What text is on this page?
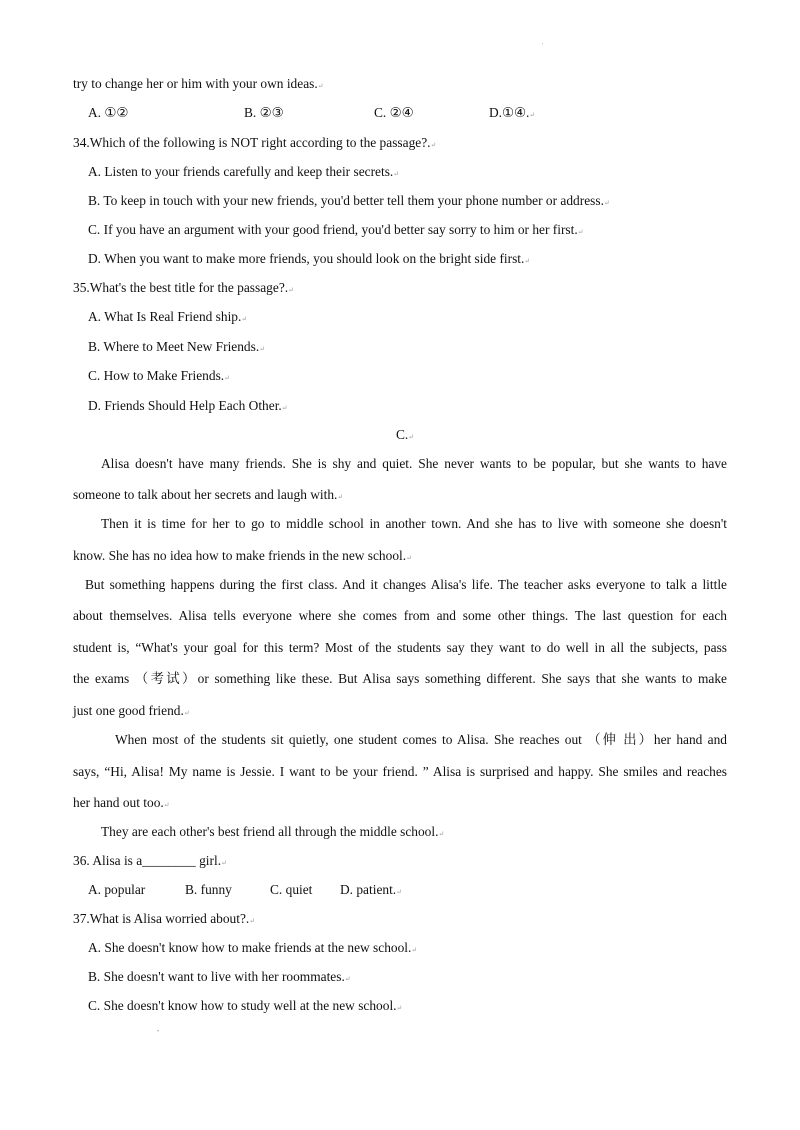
'
try to change her or him with your own ideas.↵
A. ①②	B. ②③	C. ②④	D.①④.↵
34.Which of the following is NOT right according to the passage?.↵
A. Listen to your friends carefully and keep their secrets.↵
B. To keep in touch with your new friends, you'd better tell them your phone number or address.↵
C. If you have an argument with your good friend, you'd better say sorry to him or her first.↵
D. When you want to make more friends, you should look on the bright side first.↵
35.What's the best title for the passage?.↵
A. What Is Real Friend ship.↵
B. Where to Meet New Friends.↵
C. How to Make Friends.↵
D. Friends Should Help Each Other.↵
C.↵
Alisa doesn't have many friends. She is shy and quiet. She never wants to be popular, but she wants to have
someone to talk about her secrets and laugh with.↵
Then it is time for her to go to middle school in another town. And she has to live with someone she doesn't
know. She has no idea how to make friends in the new school.↵
But something happens during the first class. And it changes Alisa's life. The teacher asks everyone to talk a little
about themselves. Alisa tells everyone where she comes from and some other things. The last question for each
student is, “What's your goal for this term? Most of the students say they want to do well in all the subjects, pass
the exams （考试）or something like these. But Alisa says something different. She says that she wants to make
just one good friend.↵
When most of the students sit quietly, one student comes to Alisa. She reaches out （伸 出）her hand and
says, “Hi, Alisa! My name is Jessie. I want to be your friend. ” Alisa is surprised and happy. She smiles and reaches
her hand out too.↵
They are each other's best friend all through the middle school.↵
36. Alisa is a________ girl.↵
A. popular	B. funny	C. quiet D. patient.↵
37.What is Alisa worried about?.↵
A. She doesn't know how to make friends at the new school.↵
B. She doesn't want to live with her roommates.↵
C. She doesn't know how to study well at the new school.↵
''
